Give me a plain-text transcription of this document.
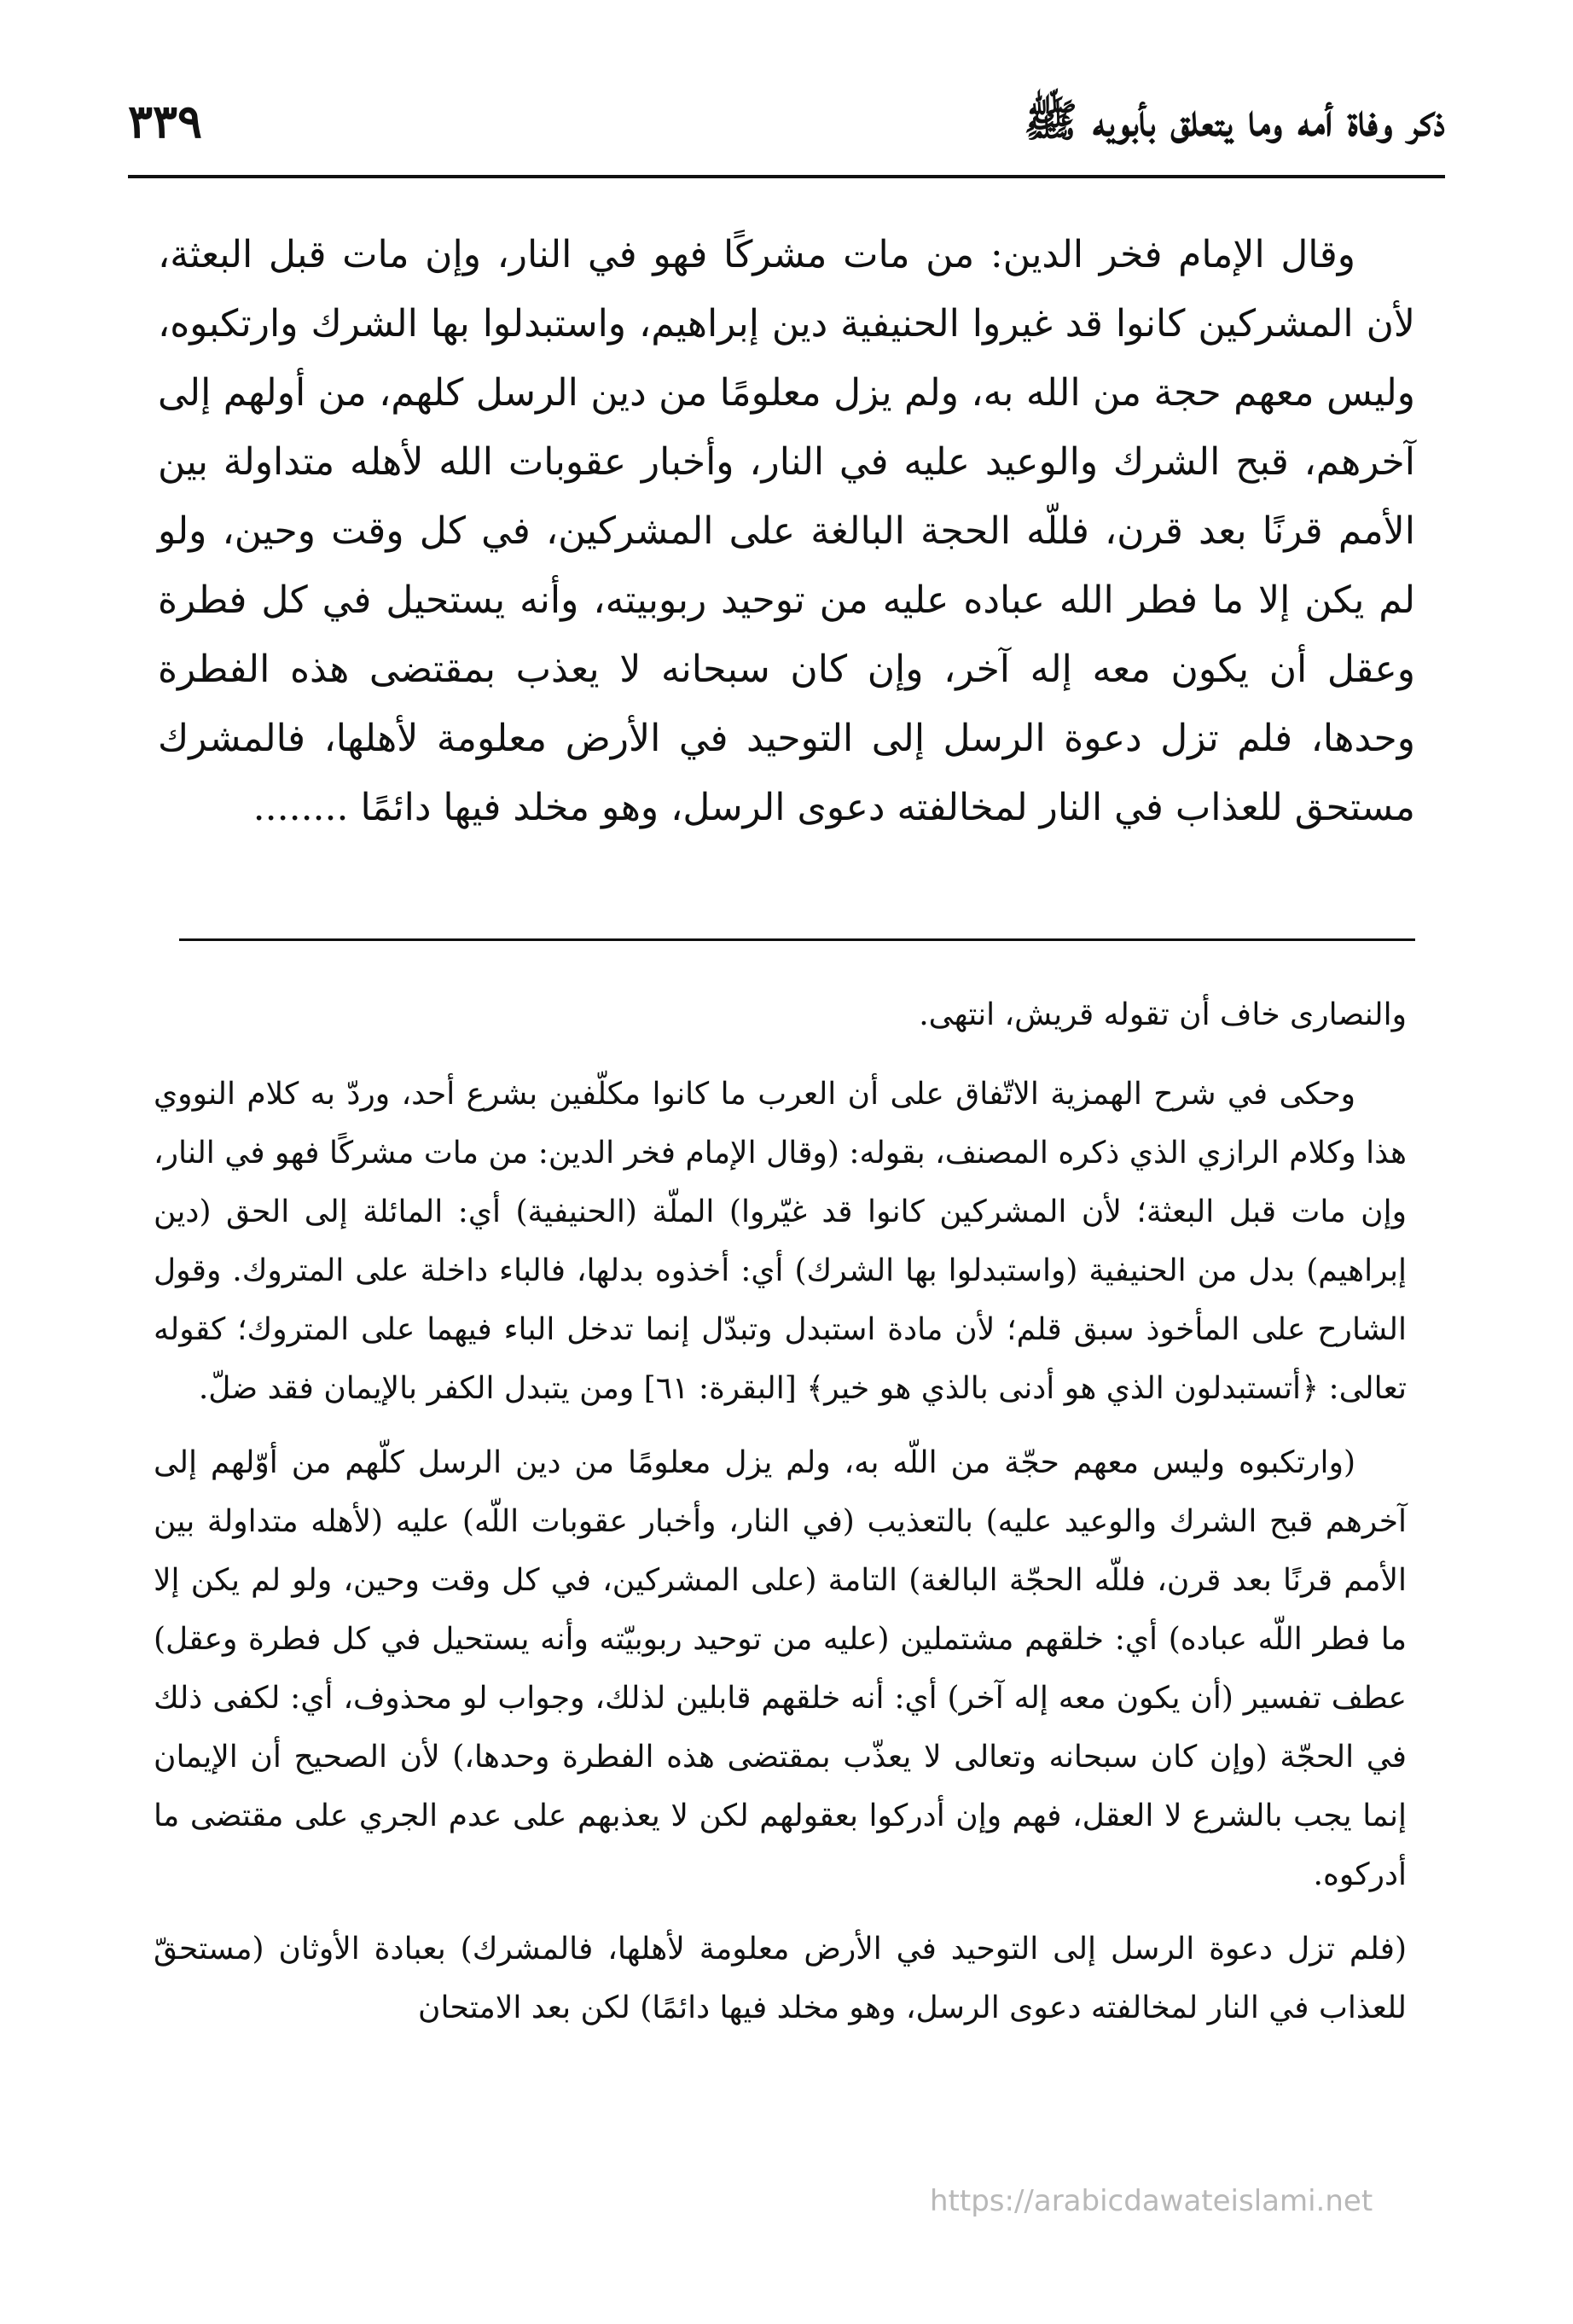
ذكر وفاة أمه وما يتعلق بأبويه ﷺ
٣٣٩

وقال الإمام فخر الدين: من مات مشركًا فهو في النار، وإن مات قبل البعثة، لأن المشركين كانوا قد غيروا الحنيفية دين إبراهيم، واستبدلوا بها الشرك وارتكبوه، وليس معهم حجة من الله به، ولم يزل معلومًا من دين الرسل كلهم، من أولهم إلى آخرهم، قبح الشرك والوعيد عليه في النار، وأخبار عقوبات الله لأهله متداولة بين الأمم قرنًا بعد قرن، فللّه الحجة البالغة على المشركين، في كل وقت وحين، ولو لم يكن إلا ما فطر الله عباده عليه من توحيد ربوبيته، وأنه يستحيل في كل فطرة وعقل أن يكون معه إله آخر، وإن كان سبحانه لا يعذب بمقتضى هذه الفطرة وحدها، فلم تزل دعوة الرسل إلى التوحيد في الأرض معلومة لأهلها، فالمشرك مستحق للعذاب في النار لمخالفته دعوى الرسل، وهو مخلد فيها دائمًا ........

والنصارى خاف أن تقوله قريش، انتهى.

وحكى في شرح الهمزية الاتّفاق على أن العرب ما كانوا مكلّفين بشرع أحد، وردّ به كلام النووي هذا وكلام الرازي الذي ذكره المصنف، بقوله: (وقال الإمام فخر الدين: من مات مشركًا فهو في النار، وإن مات قبل البعثة؛ لأن المشركين كانوا قد غيّروا) الملّة (الحنيفية) أي: المائلة إلى الحق (دين إبراهيم) بدل من الحنيفية (واستبدلوا بها الشرك) أي: أخذوه بدلها، فالباء داخلة على المتروك. وقول الشارح على المأخوذ سبق قلم؛ لأن مادة استبدل وتبدّل إنما تدخل الباء فيهما على المتروك؛ كقوله تعالى: ﴿أتستبدلون الذي هو أدنى بالذي هو خير﴾ [البقرة: ٦١] ومن يتبدل الكفر بالإيمان فقد ضلّ.

(وارتكبوه وليس معهم حجّة من اللّه به، ولم يزل معلومًا من دين الرسل كلّهم من أوّلهم إلى آخرهم قبح الشرك والوعيد عليه) بالتعذيب (في النار، وأخبار عقوبات اللّه) عليه (لأهله متداولة بين الأمم قرنًا بعد قرن، فللّه الحجّة البالغة) التامة (على المشركين، في كل وقت وحين، ولو لم يكن إلا ما فطر اللّه عباده) أي: خلقهم مشتملين (عليه من توحيد ربوبيّته وأنه يستحيل في كل فطرة وعقل) عطف تفسير (أن يكون معه إله آخر) أي: أنه خلقهم قابلين لذلك، وجواب لو محذوف، أي: لكفى ذلك في الحجّة (وإن كان سبحانه وتعالى لا يعذّب بمقتضى هذه الفطرة وحدها،) لأن الصحيح أن الإيمان إنما يجب بالشرع لا العقل، فهم وإن أدركوا بعقولهم لكن لا يعذبهم على عدم الجري على مقتضى ما أدركوه.

(فلم تزل دعوة الرسل إلى التوحيد في الأرض معلومة لأهلها، فالمشرك) بعبادة الأوثان (مستحقّ للعذاب في النار لمخالفته دعوى الرسل، وهو مخلد فيها دائمًا) لكن بعد الامتحان

https://arabicdawateislami.net
